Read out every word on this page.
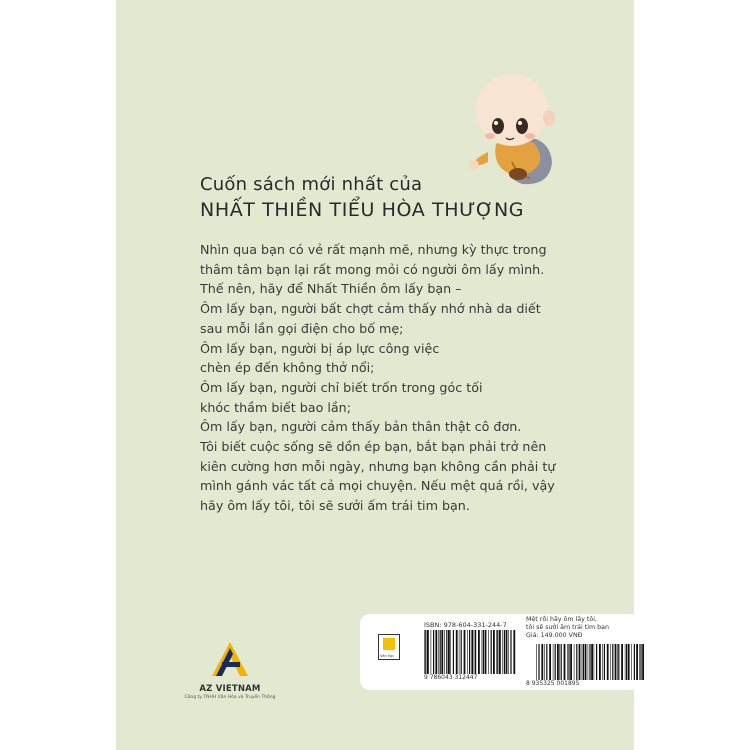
Cuốn sách mới nhất của
NHẤT THIỀN TIỂU HÒA THƯỢNG
Nhìn qua bạn có vẻ rất mạnh mẽ, nhưng kỳ thực trong
thâm tâm bạn lại rất mong mỏi có người ôm lấy mình.
Thế nên, hãy để Nhất Thiền ôm lấy bạn –
Ôm lấy bạn, người bất chợt cảm thấy nhớ nhà da diết
sau mỗi lần gọi điện cho bố mẹ;
Ôm lấy bạn, người bị áp lực công việc
chèn ép đến không thở nổi;
Ôm lấy bạn, người chỉ biết trốn trong góc tối
khóc thầm biết bao lần;
Ôm lấy bạn, người cảm thấy bản thân thật cô đơn.
Tôi biết cuộc sống sẽ dồn ép bạn, bắt bạn phải trở nên
kiên cường hơn mỗi ngày, nhưng bạn không cần phải tự
mình gánh vác tất cả mọi chuyện. Nếu mệt quá rồi, vậy
hãy ôm lấy tôi, tôi sẽ sưởi ấm trái tim bạn.
AZ VIETNAM
Công ty TNHH Văn Hóa và Truyền Thông
Văn học
ISBN: 978-604-331-244-7
9 786043 312447
Mệt rồi hãy ôm lấy tôi,
tôi sẽ sưởi ấm trái tim bạn
Giá: 149.000 VNĐ
8 935325 001895
